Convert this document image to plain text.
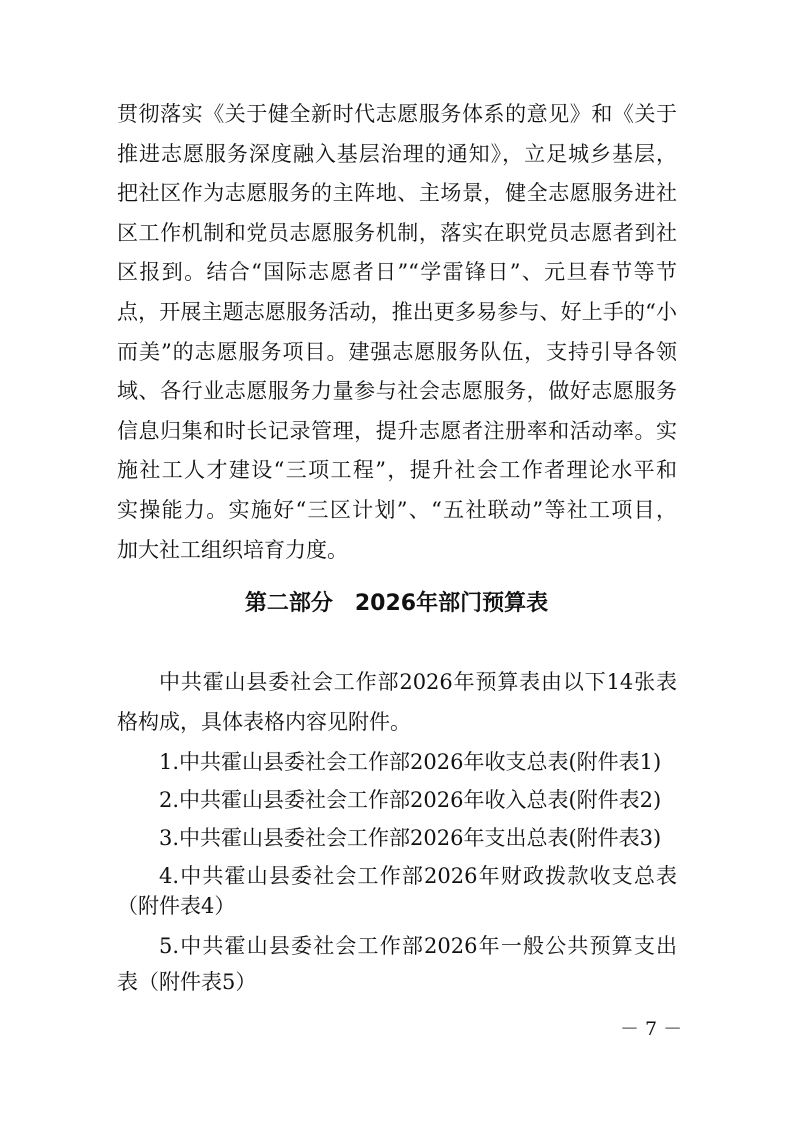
贯彻落实《关于健全新时代志愿服务体系的意见》和《关于
推进志愿服务深度融入基层治理的通知》，立足城乡基层，
把社区作为志愿服务的主阵地、主场景，健全志愿服务进社
区工作机制和党员志愿服务机制，落实在职党员志愿者到社
区报到。结合“国际志愿者日”“学雷锋日”、元旦春节等节
点，开展主题志愿服务活动，推出更多易参与、好上手的“小
而美”的志愿服务项目。建强志愿服务队伍，支持引导各领
域、各行业志愿服务力量参与社会志愿服务，做好志愿服务
信息归集和时长记录管理，提升志愿者注册率和活动率。实
施社工人才建设“三项工程”，提升社会工作者理论水平和
实操能力。实施好“三区计划”、“五社联动”等社工项目，
第二部分　2026年部门预算表
中共霍山县委社会工作部2026年预算表由以下14张表
格构成，具体表格内容见附件。
1.中共霍山县委社会工作部2026年收支总表(附件表1)
2.中共霍山县委社会工作部2026年收入总表(附件表2)
3.中共霍山县委社会工作部2026年支出总表(附件表3)
4.中共霍山县委社会工作部2026年财政拨款收支总表
（附件表4）
5.中共霍山县委社会工作部2026年一般公共预算支出
表（附件表5）
－ 7 －
加大社工组织培育力度。
